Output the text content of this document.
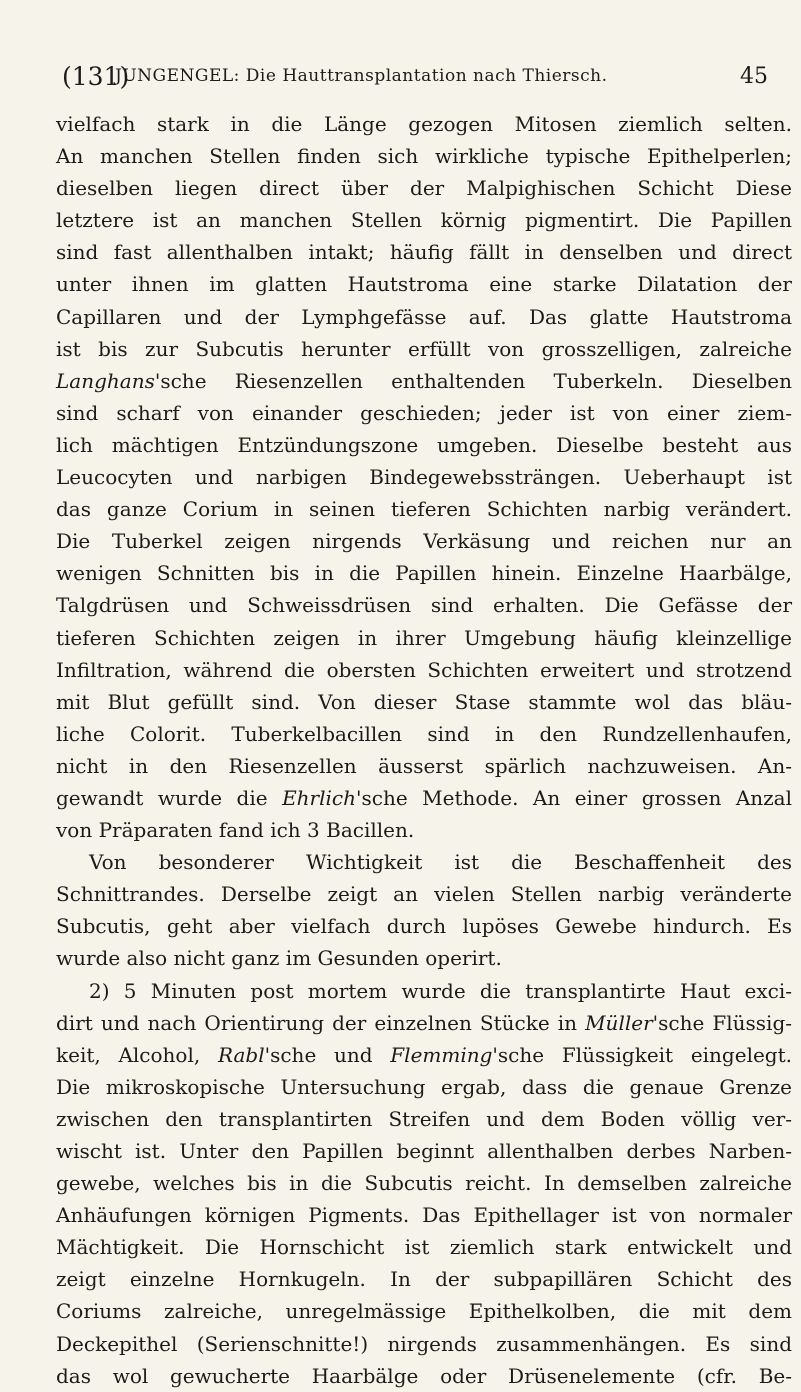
(131)
JUNGENGEL: Die Hauttransplantation nach Thiersch.	45
vielfach stark in die Länge gezogen Mitosen ziemlich selten.
An manchen Stellen finden sich wirkliche typische Epithelperlen;
dieselben liegen direct über der Malpighischen Schicht Diese
letztere ist an manchen Stellen körnig pigmentirt. Die Papillen
sind fast allenthalben intakt; häufig fällt in denselben und direct
unter ihnen im glatten Hautstroma eine starke Dilatation der
Capillaren und der Lymphgefässe auf. Das glatte Hautstroma
ist bis zur Subcutis herunter erfüllt von grosszelligen, zalreiche
Langhans'sche Riesenzellen enthaltenden Tuberkeln. Dieselben
sind scharf von einander geschieden; jeder ist von einer ziem-
lich mächtigen Entzündungszone umgeben. Dieselbe besteht aus
Leucocyten und narbigen Bindegewebssträngen. Ueberhaupt ist
das ganze Corium in seinen tieferen Schichten narbig verändert.
Die Tuberkel zeigen nirgends Verkäsung und reichen nur an
wenigen Schnitten bis in die Papillen hinein. Einzelne Haarbälge,
Talgdrüsen und Schweissdrüsen sind erhalten. Die Gefässe der
tieferen Schichten zeigen in ihrer Umgebung häufig kleinzellige
Infiltration, während die obersten Schichten erweitert und strotzend
mit Blut gefüllt sind. Von dieser Stase stammte wol das bläu-
liche Colorit. Tuberkelbacillen sind in den Rundzellenhaufen,
nicht in den Riesenzellen äusserst spärlich nachzuweisen. An-
gewandt wurde die Ehrlich'sche Methode. An einer grossen Anzal
von Präparaten fand ich 3 Bacillen.
Von besonderer Wichtigkeit ist die Beschaffenheit des
Schnittrandes. Derselbe zeigt an vielen Stellen narbig veränderte
Subcutis, geht aber vielfach durch lupöses Gewebe hindurch. Es
wurde also nicht ganz im Gesunden operirt.
2) 5 Minuten post mortem wurde die transplantirte Haut exci-
dirt und nach Orientirung der einzelnen Stücke in Müller'sche Flüssig-
keit, Alcohol, Rabl'sche und Flemming'sche Flüssigkeit eingelegt.
Die mikroskopische Untersuchung ergab, dass die genaue Grenze
zwischen den transplantirten Streifen und dem Boden völlig ver-
wischt ist. Unter den Papillen beginnt allenthalben derbes Narben-
gewebe, welches bis in die Subcutis reicht. In demselben zalreiche
Anhäufungen körnigen Pigments. Das Epithellager ist von normaler
Mächtigkeit. Die Hornschicht ist ziemlich stark entwickelt und
zeigt einzelne Hornkugeln. In der subpapillären Schicht des
Coriums zalreiche, unregelmässige Epithelkolben, die mit dem
Deckepithel (Serienschnitte!) nirgends zusammenhängen. Es sind
das wol gewucherte Haarbälge oder Drüsenelemente (cfr. Be-
